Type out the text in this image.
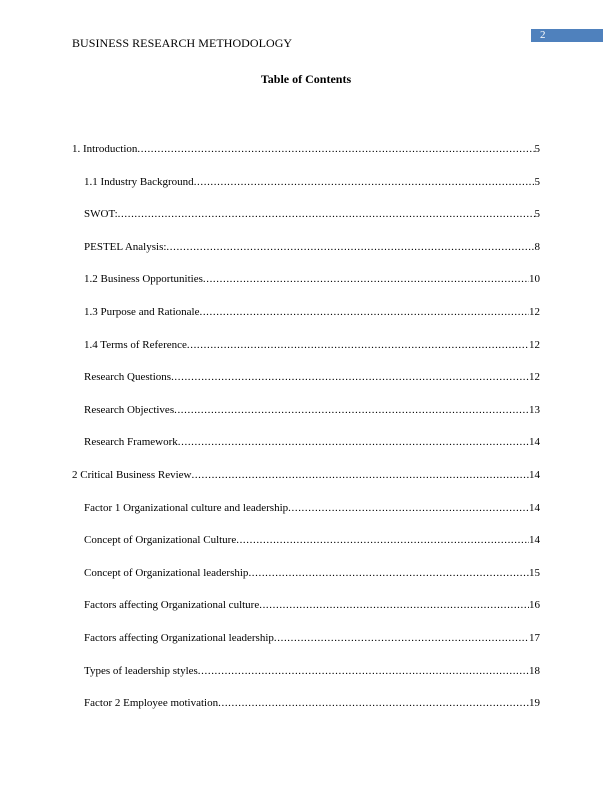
BUSINESS RESEARCH METHODOLOGY
2
Table of Contents
1. Introduction .....	5
1.1 Industry Background .....	5
SWOT: .....	5
PESTEL Analysis: .....	8
1.2 Business Opportunities .....	10
1.3 Purpose and Rationale .....	12
1.4 Terms of Reference .....	12
Research Questions .....	12
Research Objectives .....	13
Research Framework .....	14
2 Critical Business Review .....	14
Factor 1 Organizational culture and leadership .....	14
Concept of Organizational Culture .....	14
Concept of Organizational leadership .....	15
Factors affecting Organizational culture .....	16
Factors affecting Organizational leadership .....	17
Types of leadership styles .....	18
Factor 2 Employee motivation .....	19
